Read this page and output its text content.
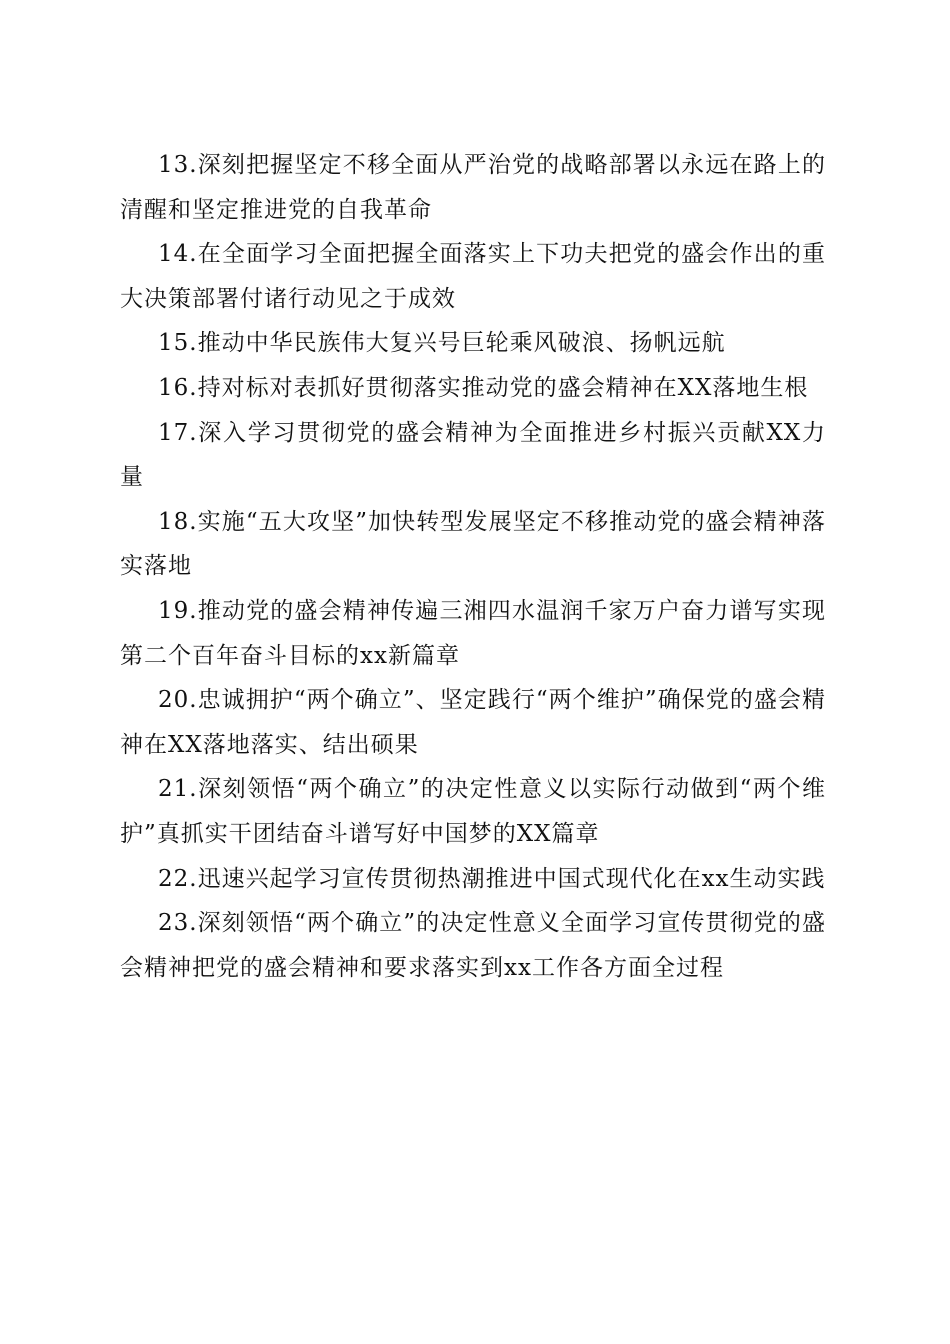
13.深刻把握坚定不移全面从严治党的战略部署以永远在路上的清醒和坚定推进党的自我革命

14.在全面学习全面把握全面落实上下功夫把党的盛会作出的重大决策部署付诸行动见之于成效

15.推动中华民族伟大复兴号巨轮乘风破浪、扬帆远航

16.持对标对表抓好贯彻落实推动党的盛会精神在XX落地生根

17.深入学习贯彻党的盛会精神为全面推进乡村振兴贡献XX力量

18.实施“五大攻坚”加快转型发展坚定不移推动党的盛会精神落实落地

19.推动党的盛会精神传遍三湘四水温润千家万户奋力谱写实现第二个百年奋斗目标的xx新篇章

20.忠诚拥护“两个确立”、坚定践行“两个维护”确保党的盛会精神在XX落地落实、结出硕果

21.深刻领悟“两个确立”的决定性意义以实际行动做到“两个维护”真抓实干团结奋斗谱写好中国梦的XX篇章

22.迅速兴起学习宣传贯彻热潮推进中国式现代化在xx生动实践

23.深刻领悟“两个确立”的决定性意义全面学习宣传贯彻党的盛会精神把党的盛会精神和要求落实到xx工作各方面全过程
